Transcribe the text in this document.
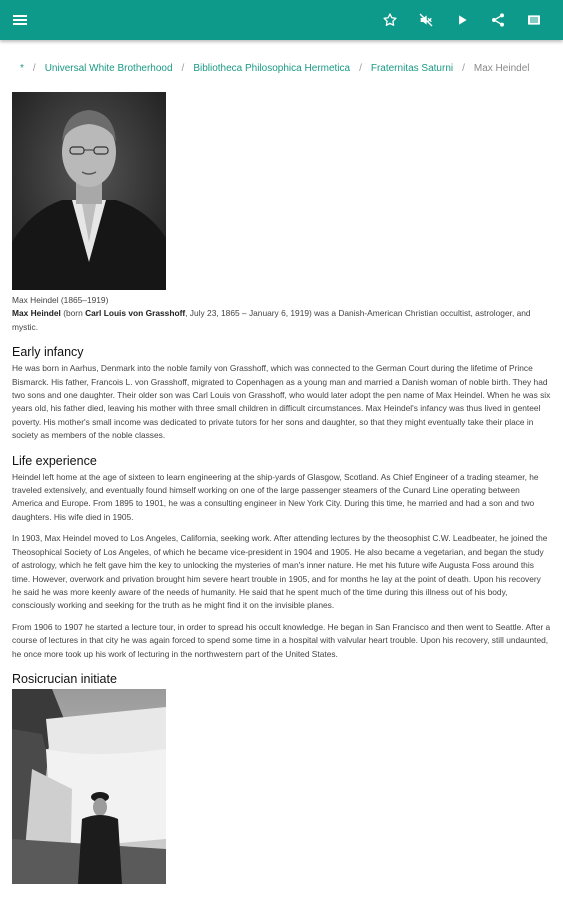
* / Universal White Brotherhood / Bibliotheca Philosophica Hermetica / Fraternitas Saturni / Max Heindel
Max Heindel (1865–1919)

Max Heindel (born Carl Louis von Grasshoff, July 23, 1865 – January 6, 1919) was a Danish-American Christian occultist, astrologer, and mystic.

Early infancy

He was born in Aarhus, Denmark into the noble family von Grasshoff, which was connected to the German Court during the lifetime of Prince Bismarck. His father, Francois L. von Grasshoff, migrated to Copenhagen as a young man and married a Danish woman of noble birth. They had two sons and one daughter. Their older son was Carl Louis von Grasshoff, who would later adopt the pen name of Max Heindel. When he was six years old, his father died, leaving his mother with three small children in difficult circumstances. Max Heindel's infancy was thus lived in genteel poverty. His mother's small income was dedicated to private tutors for her sons and daughter, so that they might eventually take their place in society as members of the noble classes.

Life experience

Heindel left home at the age of sixteen to learn engineering at the ship-yards of Glasgow, Scotland. As Chief Engineer of a trading steamer, he traveled extensively, and eventually found himself working on one of the large passenger steamers of the Cunard Line operating between America and Europe. From 1895 to 1901, he was a consulting engineer in New York City. During this time, he married and had a son and two daughters. His wife died in 1905.

In 1903, Max Heindel moved to Los Angeles, California, seeking work. After attending lectures by the theosophist C.W. Leadbeater, he joined the Theosophical Society of Los Angeles, of which he became vice-president in 1904 and 1905. He also became a vegetarian, and began the study of astrology, which he felt gave him the key to unlocking the mysteries of man's inner nature. He met his future wife Augusta Foss around this time. However, overwork and privation brought him severe heart trouble in 1905, and for months he lay at the point of death. Upon his recovery he said he was more keenly aware of the needs of humanity. He said that he spent much of the time during this illness out of his body, consciously working and seeking for the truth as he might find it on the invisible planes.

From 1906 to 1907 he started a lecture tour, in order to spread his occult knowledge. He began in San Francisco and then went to Seattle. After a course of lectures in that city he was again forced to spend some time in a hospital with valvular heart trouble. Upon his recovery, still undaunted, he once more took up his work of lecturing in the northwestern part of the United States.

Rosicrucian initiate
